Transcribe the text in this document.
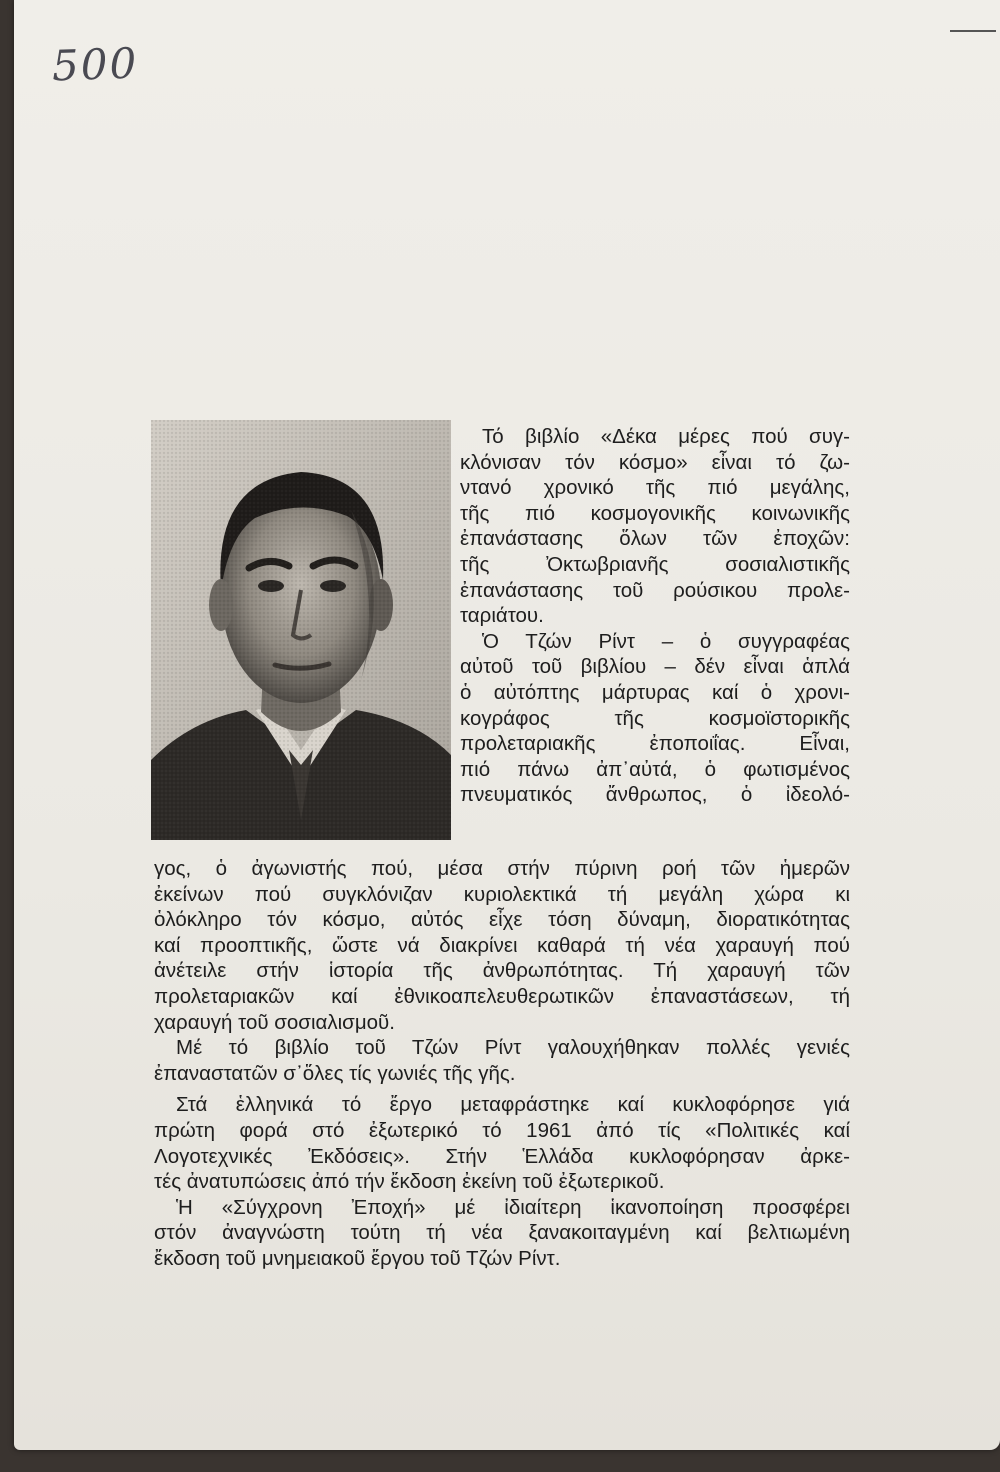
500
Τό βιβλίο «Δέκα μέρες πού συγ-
κλόνισαν τόν κόσμο» εἶναι τό ζω-
ντανό χρονικό τῆς πιό μεγάλης,
τῆς πιό κοσμογονικῆς κοινωνικῆς
ἐπανάστασης ὅλων τῶν ἐποχῶν:
τῆς Ὀκτωβριανῆς σοσιαλιστικῆς
ἐπανάστασης τοῦ ρούσικου προλε-
ταριάτου.
Ὁ Τζών Ρίντ – ὁ συγγραφέας
αὐτοῦ τοῦ βιβλίου – δέν εἶναι ἁπλά
ὁ αὐτόπτης μάρτυρας καί ὁ χρονι-
κογράφος τῆς κοσμοϊστορικῆς
προλεταριακῆς ἐποποιΐας. Εἶναι,
πιό πάνω ἀπ᾽αὐτά, ὁ φωτισμένος
πνευματικός ἄνθρωπος, ὁ ἰδεολό-
γος, ὁ ἀγωνιστής πού, μέσα στήν πύρινη ροή τῶν ἡμερῶν
ἐκείνων πού συγκλόνιζαν κυριολεκτικά τή μεγάλη χώρα κι
ὁλόκληρο τόν κόσμο, αὐτός εἶχε τόση δύναμη, διορατικότητας
καί προοπτικῆς, ὥστε νά διακρίνει καθαρά τή νέα χαραυγή πού
ἀνέτειλε στήν ἱστορία τῆς ἀνθρωπότητας. Τή χαραυγή τῶν
προλεταριακῶν καί ἐθνικοαπελευθερωτικῶν ἐπαναστάσεων, τή
χαραυγή τοῦ σοσιαλισμοῦ.
Μέ τό βιβλίο τοῦ Τζών Ρίντ γαλουχήθηκαν πολλές γενιές
ἐπαναστατῶν σ᾽ὅλες τίς γωνιές τῆς γῆς.
Στά ἑλληνικά τό ἔργο μεταφράστηκε καί κυκλοφόρησε γιά
πρώτη φορά στό ἐξωτερικό τό 1961 ἀπό τίς «Πολιτικές καί
Λογοτεχνικές Ἐκδόσεις». Στήν Ἑλλάδα κυκλοφόρησαν ἀρκε-
τές ἀνατυπώσεις ἀπό τήν ἔκδοση ἐκείνη τοῦ ἐξωτερικοῦ.
Ἡ «Σύγχρονη Ἐποχή» μέ ἰδιαίτερη ἱκανοποίηση προσφέρει
στόν ἀναγνώστη τούτη τή νέα ξανακοιταγμένη καί βελτιωμένη
ἔκδοση τοῦ μνημειακοῦ ἔργου τοῦ Τζών Ρίντ.
